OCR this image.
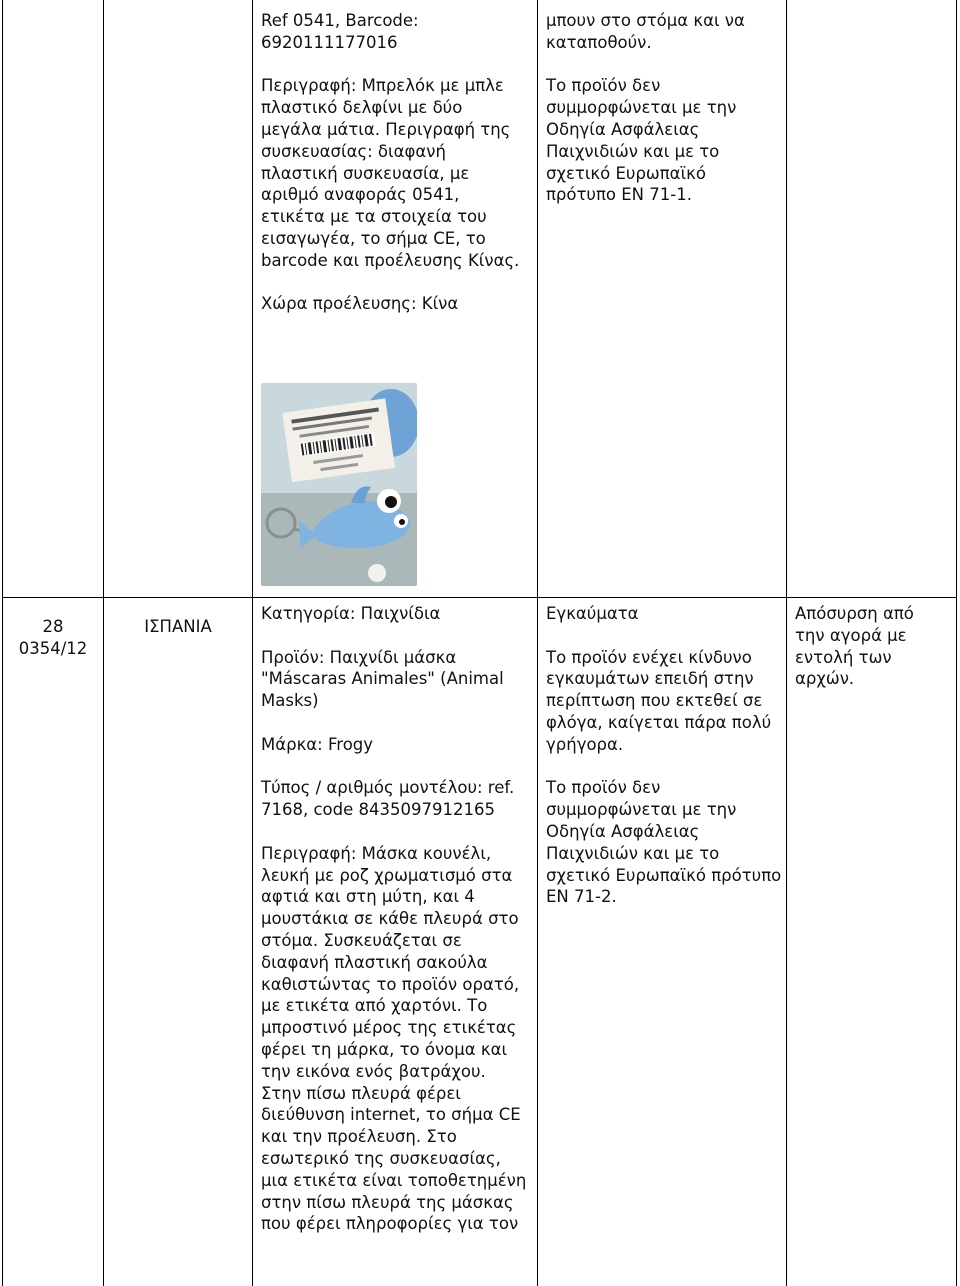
Ref 0541, Barcode: 6920111177016

Περιγραφή: Μπρελόκ με μπλε πλαστικό δελφίνι με δύο μεγάλα μάτια. Περιγραφή της συσκευασίας: διαφανή πλαστική συσκευασία, με αριθμό αναφοράς 0541, ετικέτα με τα στοιχεία του εισαγωγέα, το σήμα CE, το barcode και προέλευσης Κίνας.

Χώρα προέλευσης: Κίνα

μπουν στο στόμα και να καταποθούν.

Το προϊόν δεν συμμορφώνεται με την Οδηγία Ασφάλειας Παιχνιδιών και με το σχετικό Ευρωπαϊκό πρότυπο EN 71-1.

28
0354/12
ΙΣΠΑΝΙΑ

Κατηγορία: Παιχνίδια

Προϊόν: Παιχνίδι μάσκα "Máscaras Animales" (Animal Masks)

Μάρκα: Frogy

Τύπος / αριθμός μοντέλου: ref. 7168, code 8435097912165

Περιγραφή: Μάσκα κουνέλι, λευκή με ροζ χρωματισμό στα αφτιά και στη μύτη, και 4 μουστάκια σε κάθε πλευρά στο στόμα. Συσκευάζεται σε διαφανή πλαστική σακούλα καθιστώντας το προϊόν ορατό, με ετικέτα από χαρτόνι. Το μπροστινό μέρος της ετικέτας φέρει τη μάρκα, το όνομα και την εικόνα ενός βατράχου. Στην πίσω πλευρά φέρει διεύθυνση internet, το σήμα CE και την προέλευση. Στο εσωτερικό της συσκευασίας, μια ετικέτα είναι τοποθετημένη στην πίσω πλευρά της μάσκας που φέρει πληροφορίες για τον

Εγκαύματα

Το προϊόν ενέχει κίνδυνο εγκαυμάτων επειδή στην περίπτωση που εκτεθεί σε φλόγα, καίγεται πάρα πολύ γρήγορα.

Το προϊόν δεν συμμορφώνεται με την Οδηγία Ασφάλειας Παιχνιδιών και με το σχετικό Ευρωπαϊκό πρότυπο EN 71-2.

Απόσυρση από την αγορά με εντολή των αρχών.
